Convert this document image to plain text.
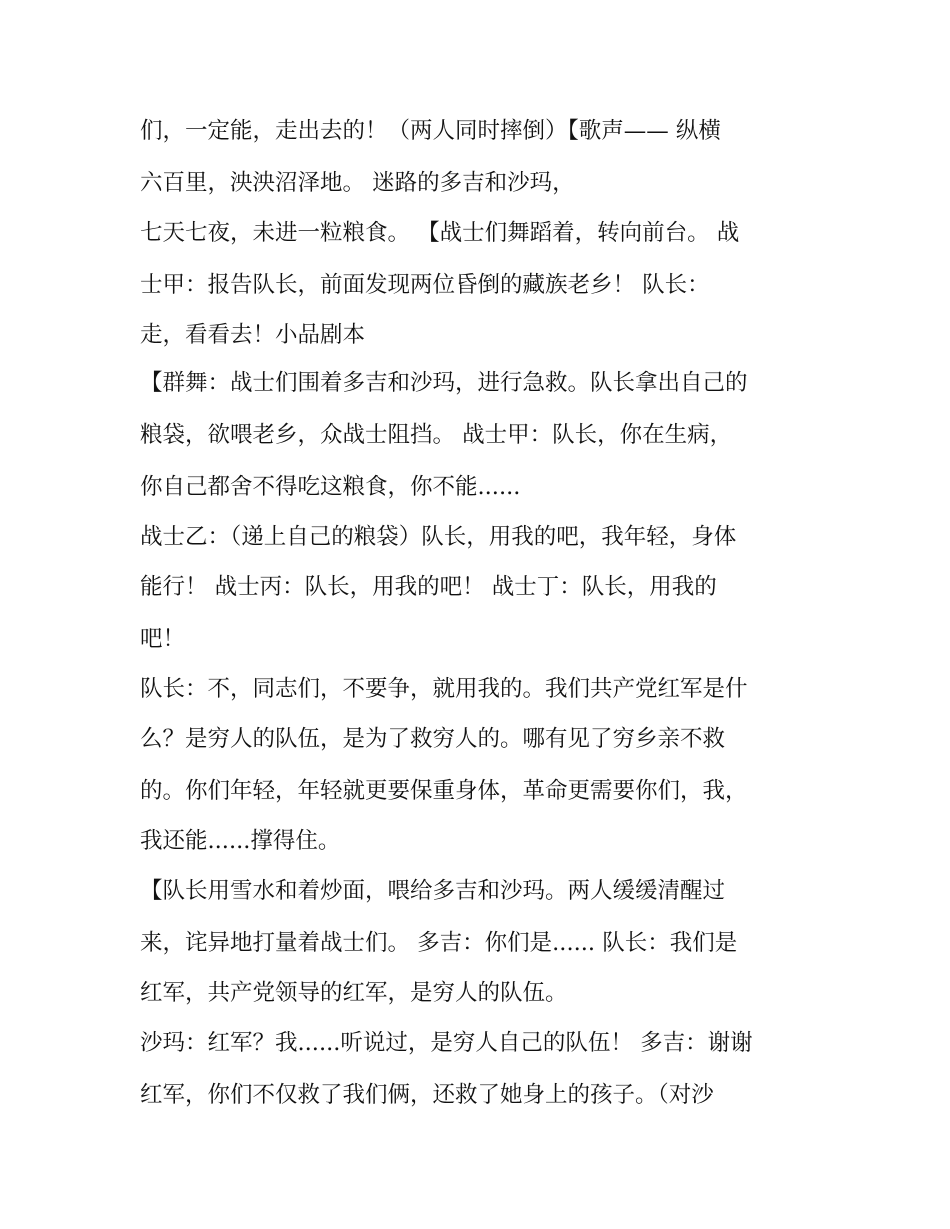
们，一定能，走出去的！（两人同时摔倒）【歌声—— 纵横
六百里，泱泱沼泽地。 迷路的多吉和沙玛，
七天七夜，未进一粒粮食。 【战士们舞蹈着，转向前台。 战
士甲：报告队长，前面发现两位昏倒的藏族老乡！ 队长：
走，看看去！小品剧本
【群舞：战士们围着多吉和沙玛，进行急救。队长拿出自己的
粮袋，欲喂老乡，众战士阻挡。 战士甲：队长，你在生病，
你自己都舍不得吃这粮食，你不能......
战士乙：（递上自己的粮袋）队长，用我的吧，我年轻，身体
能行！ 战士丙：队长，用我的吧！ 战士丁：队长，用我的
吧！
队长：不，同志们，不要争，就用我的。我们共产党红军是什
么？是穷人的队伍，是为了救穷人的。哪有见了穷乡亲不救
的。你们年轻，年轻就更要保重身体，革命更需要你们，我，
我还能......撑得住。
【队长用雪水和着炒面，喂给多吉和沙玛。两人缓缓清醒过
来，诧异地打量着战士们。 多吉：你们是...... 队长：我们是
红军，共产党领导的红军，是穷人的队伍。
沙玛：红军？我......听说过，是穷人自己的队伍！ 多吉：谢谢
红军，你们不仅救了我们俩，还救了她身上的孩子。（对沙
